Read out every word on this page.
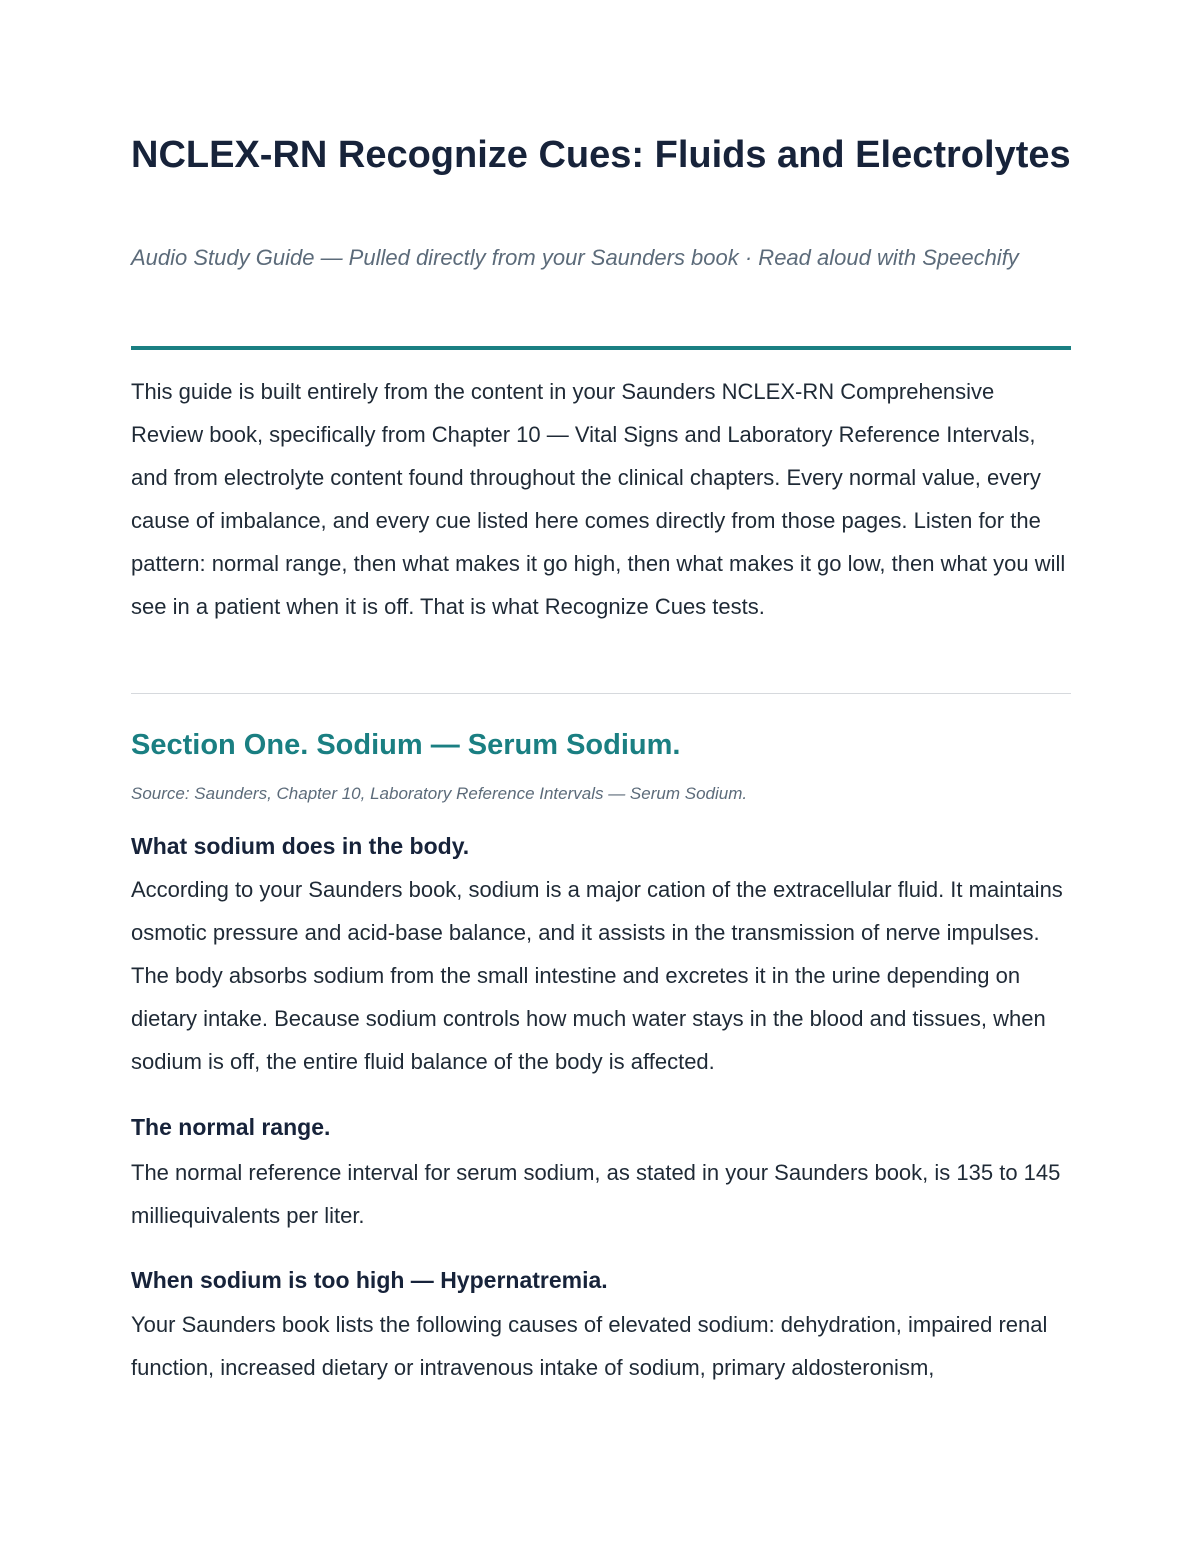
NCLEX-RN Recognize Cues: Fluids and Electrolytes

Audio Study Guide — Pulled directly from your Saunders book · Read aloud with Speechify

This guide is built entirely from the content in your Saunders NCLEX-RN Comprehensive Review book, specifically from Chapter 10 — Vital Signs and Laboratory Reference Intervals, and from electrolyte content found throughout the clinical chapters. Every normal value, every cause of imbalance, and every cue listed here comes directly from those pages. Listen for the pattern: normal range, then what makes it go high, then what makes it go low, then what you will see in a patient when it is off. That is what Recognize Cues tests.

Section One. Sodium — Serum Sodium.

Source: Saunders, Chapter 10, Laboratory Reference Intervals — Serum Sodium.

What sodium does in the body.

According to your Saunders book, sodium is a major cation of the extracellular fluid. It maintains osmotic pressure and acid-base balance, and it assists in the transmission of nerve impulses. The body absorbs sodium from the small intestine and excretes it in the urine depending on dietary intake. Because sodium controls how much water stays in the blood and tissues, when sodium is off, the entire fluid balance of the body is affected.

The normal range.

The normal reference interval for serum sodium, as stated in your Saunders book, is 135 to 145 milliequivalents per liter.

When sodium is too high — Hypernatremia.

Your Saunders book lists the following causes of elevated sodium: dehydration, impaired renal function, increased dietary or intravenous intake of sodium, primary aldosteronism,
